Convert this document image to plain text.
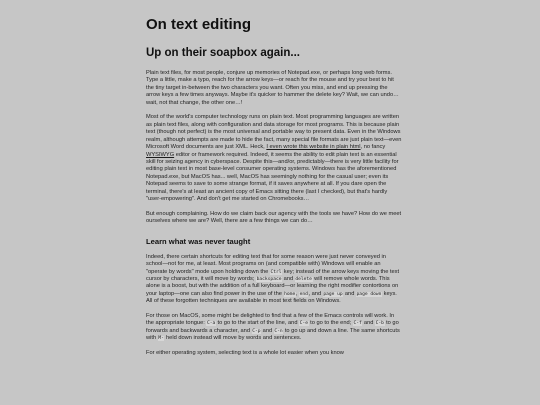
On text editing
Up on their soapbox again...

Plain text files, for most people, conjure up memories of Notepad.exe, or perhaps long web forms. Type a little, make a typo, reach for the arrow keys—or reach for the mouse and try your best to hit the tiny target in-between the two characters you want. Often you miss, and end up pressing the arrow keys a few times anyways. Maybe it's quicker to hammer the delete key? Wait, we can undo… wait, not that change, the other one…!

Most of the world's computer technology runs on plain text. Most programming languages are written as plain text files, along with configuration and data storage for most programs. This is because plain text (though not perfect) is the most universal and portable way to present data. Even in the Windows realm, although attempts are made to hide the fact, many special file formats are just plain text—even Microsoft Word documents are just XML. Heck, I even wrote this website in plain html, no fancy WYSIWYG editor or framework required. Indeed, it seems the ability to edit plain text is an essential skill for seizing agency in cyberspace. Despite this—and/or, predictably—there is very little facility for editing plain text in most base-level consumer operating systems. Windows has the aforementioned Notepad.exe, but MacOS has... well, MacOS has seemingly nothing for the casual user; even its Notepad seems to save to some strange format, if it saves anywhere at all. If you dare open the terminal, there's at least an ancient copy of Emacs sitting there (last I checked), but that's hardly "user-empowering". And don't get me started on Chromebooks…

But enough complaining. How do we claim back our agency with the tools we have? How do we meet ourselves where we are? Well, there are a few things we can do…

Learn what was never taught

Indeed, there certain shortcuts for editing text that for some reason were just never conveyed in school—not for me, at least. Most programs on (and compatible with) Windows will enable an "operate by words" mode upon holding down the Ctrl key; instead of the arrow keys moving the text cursor by characters, it will move by words; backspace and delete will remove whole words. This alone is a boost, but with the addition of a full keyboard—or learning the right modifier contortions on your laptop—one can also find power in the use of the home, end, and page up and page down keys. All of these forgotten techniques are available in most text fields on Windows.

For those on MacOS, some might be delighted to find that a few of the Emacs controls will work. In the appropriate tongue: C-a to go to the start of the line, and C-e to go to the end; C-f and C-b to go forwards and backwards a character, and C-p and C-n to go up and down a line. The same shortcuts with M- held down instead will move by words and sentences.

For either operating system, selecting text is a whole lot easier when you know
